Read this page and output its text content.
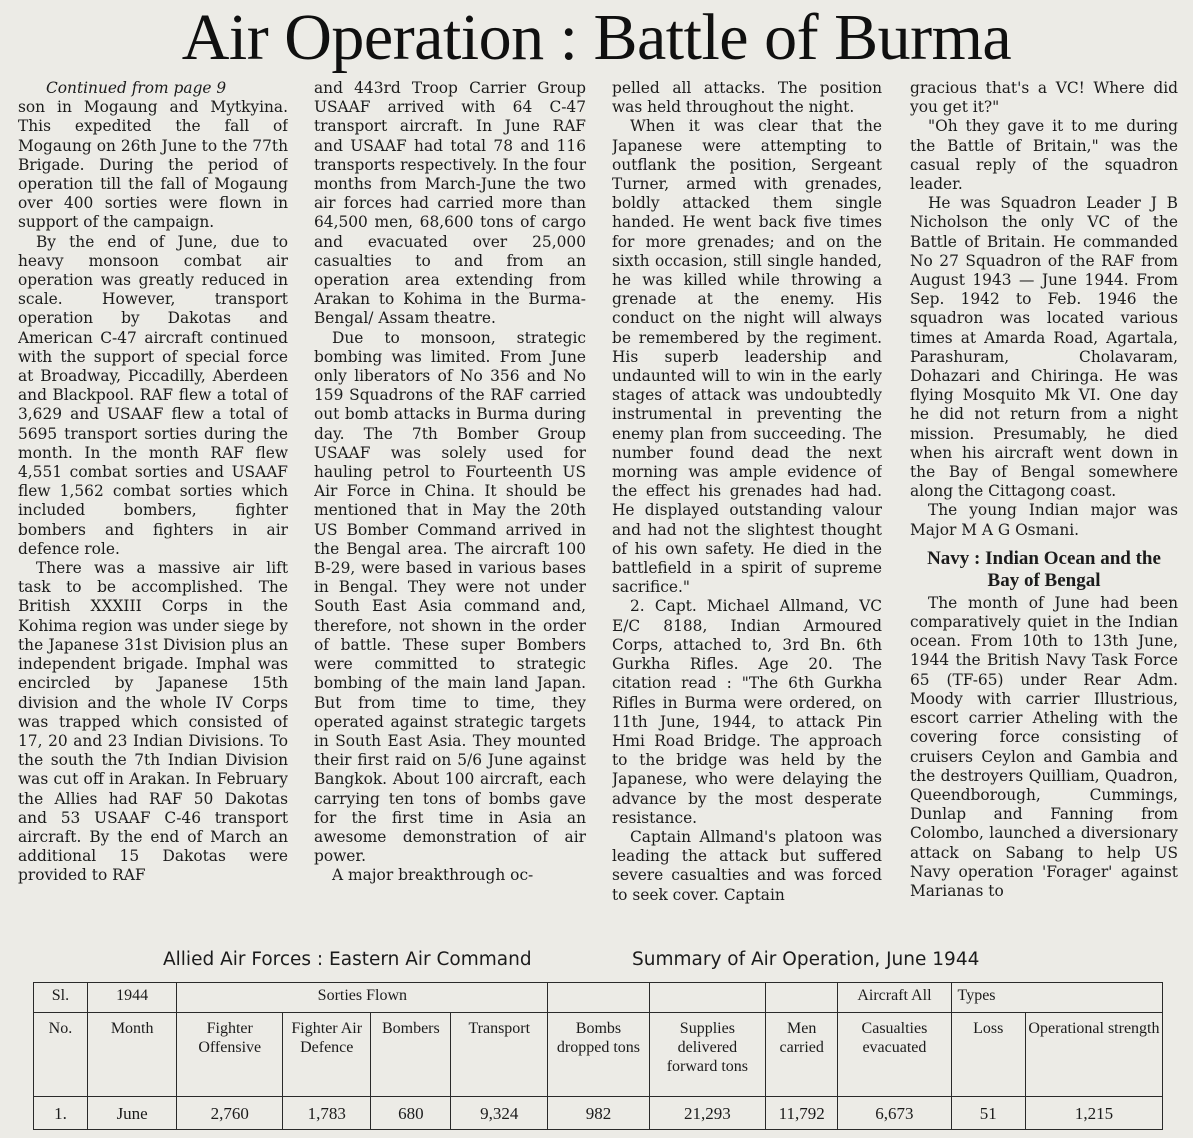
Air Operation : Battle of Burma

Continued from page 9

son in Mogaung and Mytkyina. This expedited the fall of Mogaung on 26th June to the 77th Brigade. During the period of operation till the fall of Mogaung over 400 sorties were flown in support of the campaign.

By the end of June, due to heavy monsoon combat air operation was greatly reduced in scale. However, transport operation by Dakotas and American C-47 aircraft continued with the support of special force at Broadway, Piccadilly, Aberdeen and Blackpool. RAF flew a total of 3,629 and USAAF flew a total of 5695 transport sorties during the month. In the month RAF flew 4,551 combat sorties and USAAF flew 1,562 combat sorties which included bombers, fighter bombers and fighters in air defence role.

There was a massive air lift task to be accomplished. The British XXXIII Corps in the Kohima region was under siege by the Japanese 31st Division plus an independent brigade. Imphal was encircled by Japanese 15th division and the whole IV Corps was trapped which consisted of 17, 20 and 23 Indian Divisions. To the south the 7th Indian Division was cut off in Arakan. In February the Allies had RAF 50 Dakotas and 53 USAAF C-46 transport aircraft. By the end of March an additional 15 Dakotas were provided to RAF

and 443rd Troop Carrier Group USAAF arrived with 64 C-47 transport aircraft. In June RAF and USAAF had total 78 and 116 transports respectively. In the four months from March-June the two air forces had carried more than 64,500 men, 68,600 tons of cargo and evacuated over 25,000 casualties to and from an operation area extending from Arakan to Kohima in the Burma-Bengal/ Assam theatre.

Due to monsoon, strategic bombing was limited. From June only liberators of No 356 and No 159 Squadrons of the RAF carried out bomb attacks in Burma during day. The 7th Bomber Group USAAF was solely used for hauling petrol to Fourteenth US Air Force in China. It should be mentioned that in May the 20th US Bomber Command arrived in the Bengal area. The aircraft 100 B-29, were based in various bases in Bengal. They were not under South East Asia command and, therefore, not shown in the order of battle. These super Bombers were committed to strategic bombing of the main land Japan. But from time to time, they operated against strategic targets in South East Asia. They mounted their first raid on 5/6 June against Bangkok. About 100 aircraft, each carrying ten tons of bombs gave for the first time in Asia an awesome demonstration of air power.

A major breakthrough oc-

pelled all attacks. The position was held throughout the night.

When it was clear that the Japanese were attempting to outflank the position, Sergeant Turner, armed with grenades, boldly attacked them single handed. He went back five times for more grenades; and on the sixth occasion, still single handed, he was killed while throwing a grenade at the enemy. His conduct on the night will always be remembered by the regiment. His superb leadership and undaunted will to win in the early stages of attack was undoubtedly instrumental in preventing the enemy plan from succeeding. The number found dead the next morning was ample evidence of the effect his grenades had had. He displayed outstanding valour and had not the slightest thought of his own safety. He died in the battlefield in a spirit of supreme sacrifice."

2. Capt. Michael Allmand, VC E/C 8188, Indian Armoured Corps, attached to, 3rd Bn. 6th Gurkha Rifles. Age 20. The citation read : "The 6th Gurkha Rifles in Burma were ordered, on 11th June, 1944, to attack Pin Hmi Road Bridge. The approach to the bridge was held by the Japanese, who were delaying the advance by the most desperate resistance.

Captain Allmand's platoon was leading the attack but suffered severe casualties and was forced to seek cover. Captain

gracious that's a VC! Where did you get it?"

"Oh they gave it to me during the Battle of Britain," was the casual reply of the squadron leader.

He was Squadron Leader J B Nicholson the only VC of the Battle of Britain. He commanded No 27 Squadron of the RAF from August 1943 — June 1944. From Sep. 1942 to Feb. 1946 the squadron was located various times at Amarda Road, Agartala, Parashuram, Cholavaram, Dohazari and Chiringa. He was flying Mosquito Mk VI. One day he did not return from a night mission. Presumably, he died when his aircraft went down in the Bay of Bengal somewhere along the Cittagong coast.

The young Indian major was Major M A G Osmani.

Navy : Indian Ocean and the Bay of Bengal

The month of June had been comparatively quiet in the Indian ocean. From 10th to 13th June, 1944 the British Navy Task Force 65 (TF-65) under Rear Adm. Moody with carrier Illustrious, escort carrier Atheling with the covering force consisting of cruisers Ceylon and Gambia and the destroyers Quilliam, Quadron, Queendborough, Cummings, Dunlap and Fanning from Colombo, launched a diversionary attack on Sabang to help US Navy operation 'Forager' against Marianas to

Allied Air Forces : Eastern Air Command	Summary of Air Operation, June 1944
Sl.	1944	Sorties Flown							Aircraft All	Types	
No.	Month	Fighter Offensive	Fighter Air Defence	Bombers	Transport	Bombs dropped tons	Supplies delivered forward tons	Men carried	Casualties evacuated	Loss	Operational strength
1.	June	2,760	1,783	680	9,324	982	21,293	11,792	6,673	51	1,215
